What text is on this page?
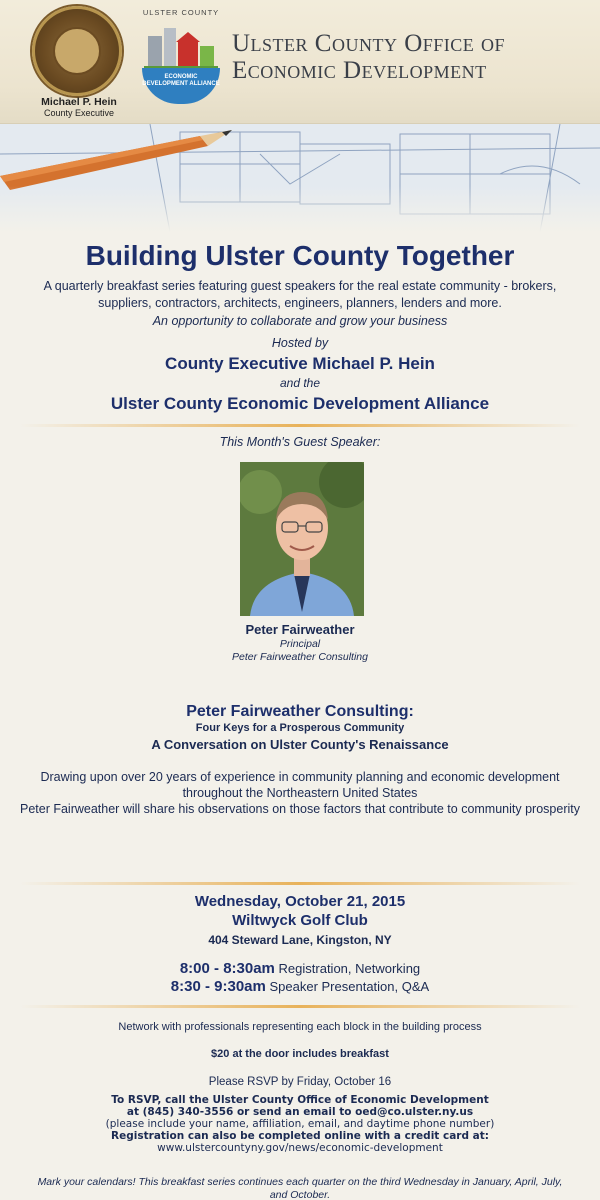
Michael P. Hein
County Executive
ULSTER COUNTY
ECONOMIC DEVELOPMENT ALLIANCE
Ulster County Office of
Economic Development
Building Ulster County Together
A quarterly breakfast series featuring guest speakers for the real estate community - brokers, suppliers, contractors, architects, engineers, planners, lenders and more.
An opportunity to collaborate and grow your business
Hosted by
County Executive Michael P. Hein
and the
Ulster County Economic Development Alliance
This Month's Guest Speaker:
Peter Fairweather
Principal
Peter Fairweather Consulting
Peter Fairweather Consulting:
Four Keys for a Prosperous Community
A Conversation on Ulster County's Renaissance
Drawing upon over 20 years of experience in community planning and economic development throughout the Northeastern United States
Peter Fairweather will share his observations on those factors that contribute to community prosperity
Wednesday, October 21, 2015
Wiltwyck Golf Club
404 Steward Lane, Kingston, NY
8:00 - 8:30am Registration, Networking
8:30 - 9:30am Speaker Presentation, Q&A
Network with professionals representing each block in the building process
$20 at the door includes breakfast
Please RSVP by Friday, October 16
To RSVP, call the Ulster County Office of Economic Development
at (845) 340-3556 or send an email to oed@co.ulster.ny.us
(please include your name, affiliation, email, and daytime phone number)
Registration can also be completed online with a credit card at:
www.ulstercountyny.gov/news/economic-development
Mark your calendars! This breakfast series continues each quarter on the third Wednesday in January, April, July, and October.
